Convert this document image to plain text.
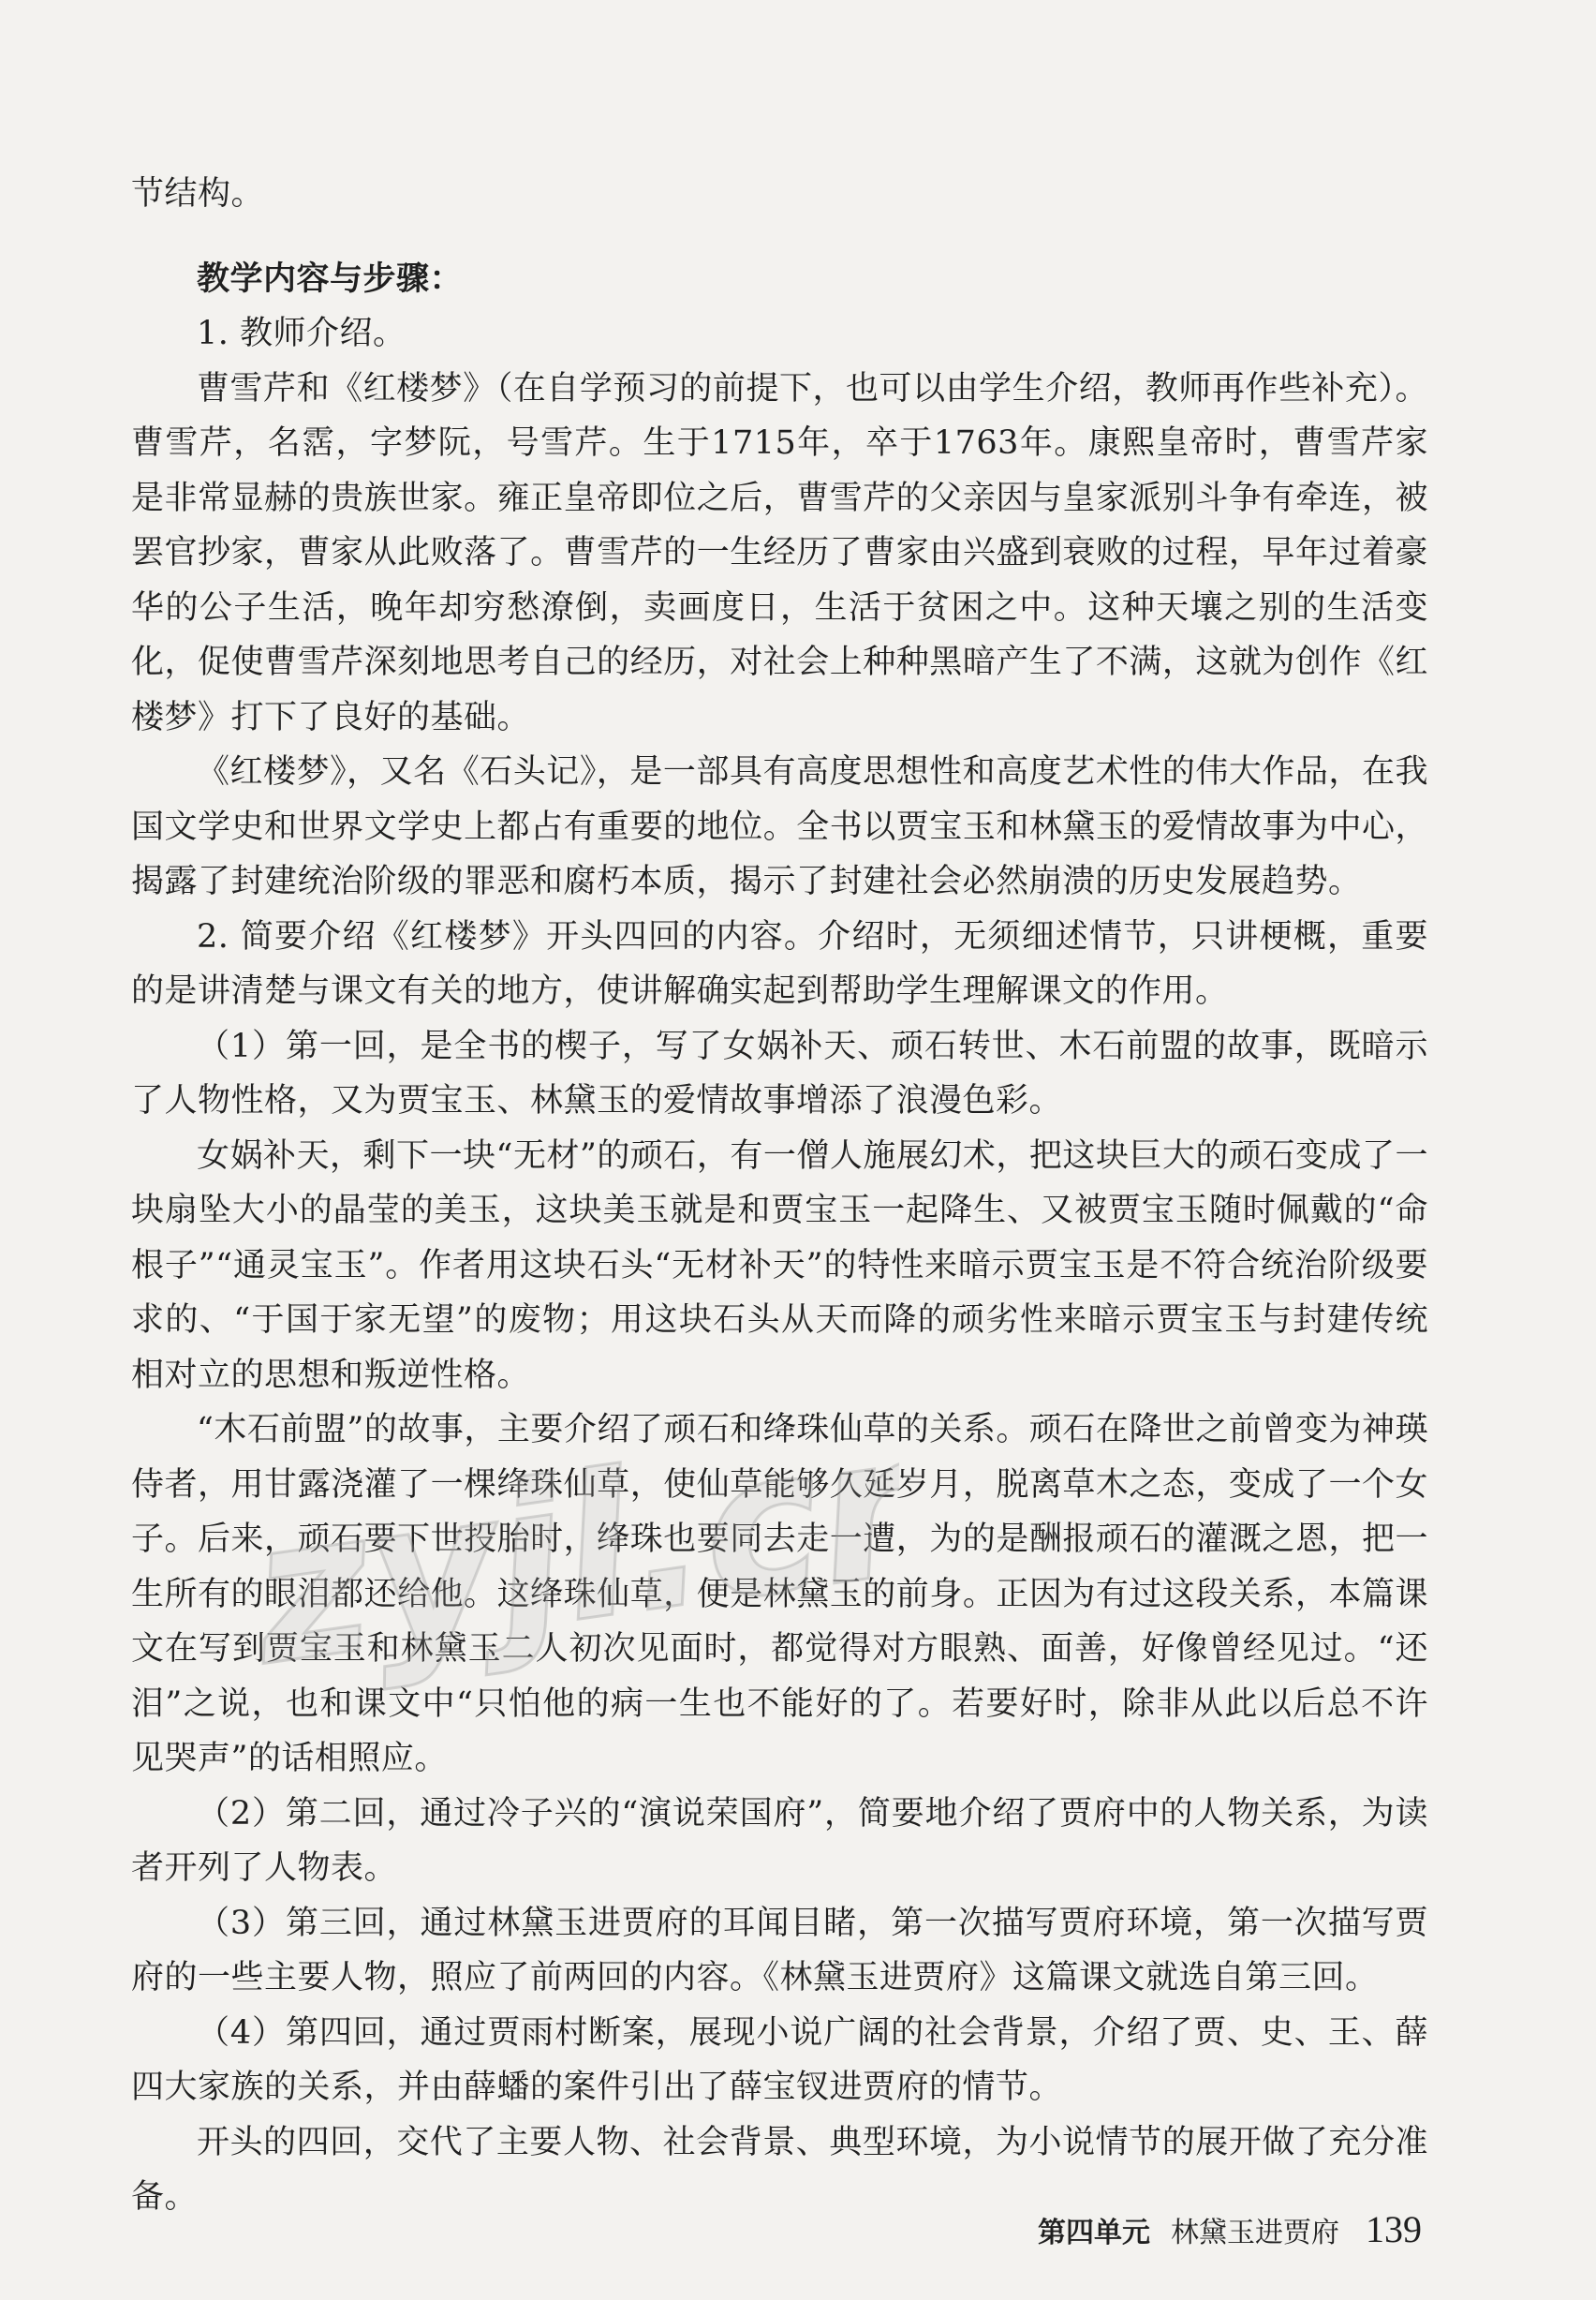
节结构。

教学内容与步骤：

1. 教师介绍。

曹雪芹和《红楼梦》（在自学预习的前提下，也可以由学生介绍，教师再作些补充）。曹雪芹，名霑，字梦阮，号雪芹。生于1715年，卒于1763年。康熙皇帝时，曹雪芹家是非常显赫的贵族世家。雍正皇帝即位之后，曹雪芹的父亲因与皇家派别斗争有牵连，被罢官抄家，曹家从此败落了。曹雪芹的一生经历了曹家由兴盛到衰败的过程，早年过着豪华的公子生活，晚年却穷愁潦倒，卖画度日，生活于贫困之中。这种天壤之别的生活变化，促使曹雪芹深刻地思考自己的经历，对社会上种种黑暗产生了不满，这就为创作《红楼梦》打下了良好的基础。

《红楼梦》，又名《石头记》，是一部具有高度思想性和高度艺术性的伟大作品，在我国文学史和世界文学史上都占有重要的地位。全书以贾宝玉和林黛玉的爱情故事为中心，揭露了封建统治阶级的罪恶和腐朽本质，揭示了封建社会必然崩溃的历史发展趋势。

2. 简要介绍《红楼梦》开头四回的内容。介绍时，无须细述情节，只讲梗概，重要的是讲清楚与课文有关的地方，使讲解确实起到帮助学生理解课文的作用。

（1）第一回，是全书的楔子，写了女娲补天、顽石转世、木石前盟的故事，既暗示了人物性格，又为贾宝玉、林黛玉的爱情故事增添了浪漫色彩。

女娲补天，剩下一块“无材”的顽石，有一僧人施展幻术，把这块巨大的顽石变成了一块扇坠大小的晶莹的美玉，这块美玉就是和贾宝玉一起降生、又被贾宝玉随时佩戴的“命根子”“通灵宝玉”。作者用这块石头“无材补天”的特性来暗示贾宝玉是不符合统治阶级要求的、“于国于家无望”的废物；用这块石头从天而降的顽劣性来暗示贾宝玉与封建传统相对立的思想和叛逆性格。

“木石前盟”的故事，主要介绍了顽石和绛珠仙草的关系。顽石在降世之前曾变为神瑛侍者，用甘露浇灌了一棵绛珠仙草，使仙草能够久延岁月，脱离草木之态，变成了一个女子。后来，顽石要下世投胎时，绛珠也要同去走一遭，为的是酬报顽石的灌溉之恩，把一生所有的眼泪都还给他。这绛珠仙草，便是林黛玉的前身。正因为有过这段关系，本篇课文在写到贾宝玉和林黛玉二人初次见面时，都觉得对方眼熟、面善，好像曾经见过。“还泪”之说，也和课文中“只怕他的病一生也不能好的了。若要好时，除非从此以后总不许见哭声”的话相照应。

（2）第二回，通过冷子兴的“演说荣国府”，简要地介绍了贾府中的人物关系，为读者开列了人物表。

（3）第三回，通过林黛玉进贾府的耳闻目睹，第一次描写贾府环境，第一次描写贾府的一些主要人物，照应了前两回的内容。《林黛玉进贾府》这篇课文就选自第三回。

（4）第四回，通过贾雨村断案，展现小说广阔的社会背景，介绍了贾、史、王、薛四大家族的关系，并由薛蟠的案件引出了薛宝钗进贾府的情节。

开头的四回，交代了主要人物、社会背景、典型环境，为小说情节的展开做了充分准备。

zyjl.cn
第四单元 林黛玉进贾府 139
